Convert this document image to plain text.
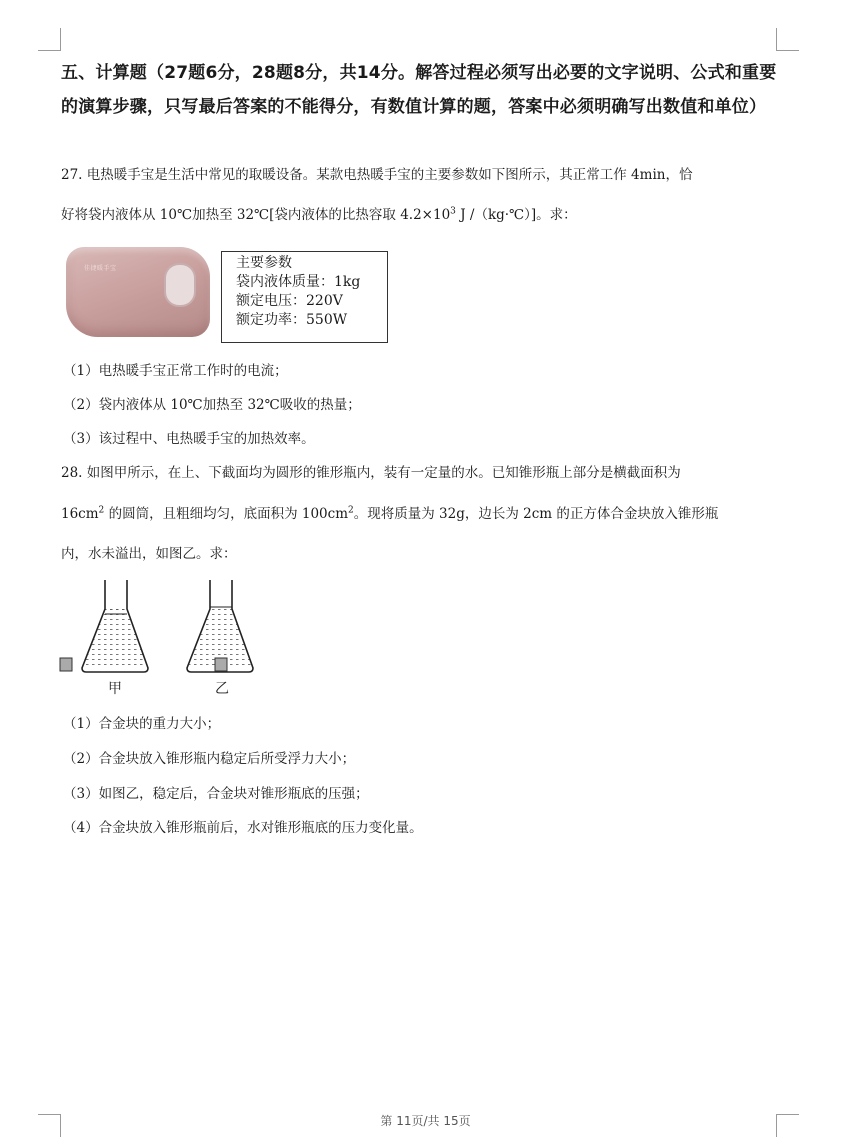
五、计算题（27题6分，28题8分，共14分。解答过程必须写出必要的文字说明、公式和重要的演算步骤，只写最后答案的不能得分，有数值计算的题，答案中必须明确写出数值和单位）
27. 电热暖手宝是生活中常见的取暖设备。某款电热暖手宝的主要参数如下图所示，其正常工作 4min，恰
好将袋内液体从 10℃加热至 32℃[袋内液体的比热容取 $4.2\times 10^3$ J /（kg·℃）]。求：
佳捷暖手宝	主要参数
袋内液体质量：1kg
额定电压：220V
额定功率：550W
（1）电热暖手宝正常工作时的电流；
（2）袋内液体从 10℃加热至 32℃吸收的热量；
（3）该过程中、电热暖手宝的加热效率。
28. 如图甲所示，在上、下截面均为圆形的锥形瓶内，装有一定量的水。已知锥形瓶上部分是横截面积为
$16cm^2$ 的圆筒，且粗细均匀，底面积为 $100cm^2$。现将质量为 32g，边长为 2cm 的正方体合金块放入锥形瓶
内，水未溢出，如图乙。求：
甲	乙
（1）合金块的重力大小；
（2）合金块放入锥形瓶内稳定后所受浮力大小；
（3）如图乙，稳定后，合金块对锥形瓶底的压强；
（4）合金块放入锥形瓶前后，水对锥形瓶底的压力变化量。
第 11页/共 15页
